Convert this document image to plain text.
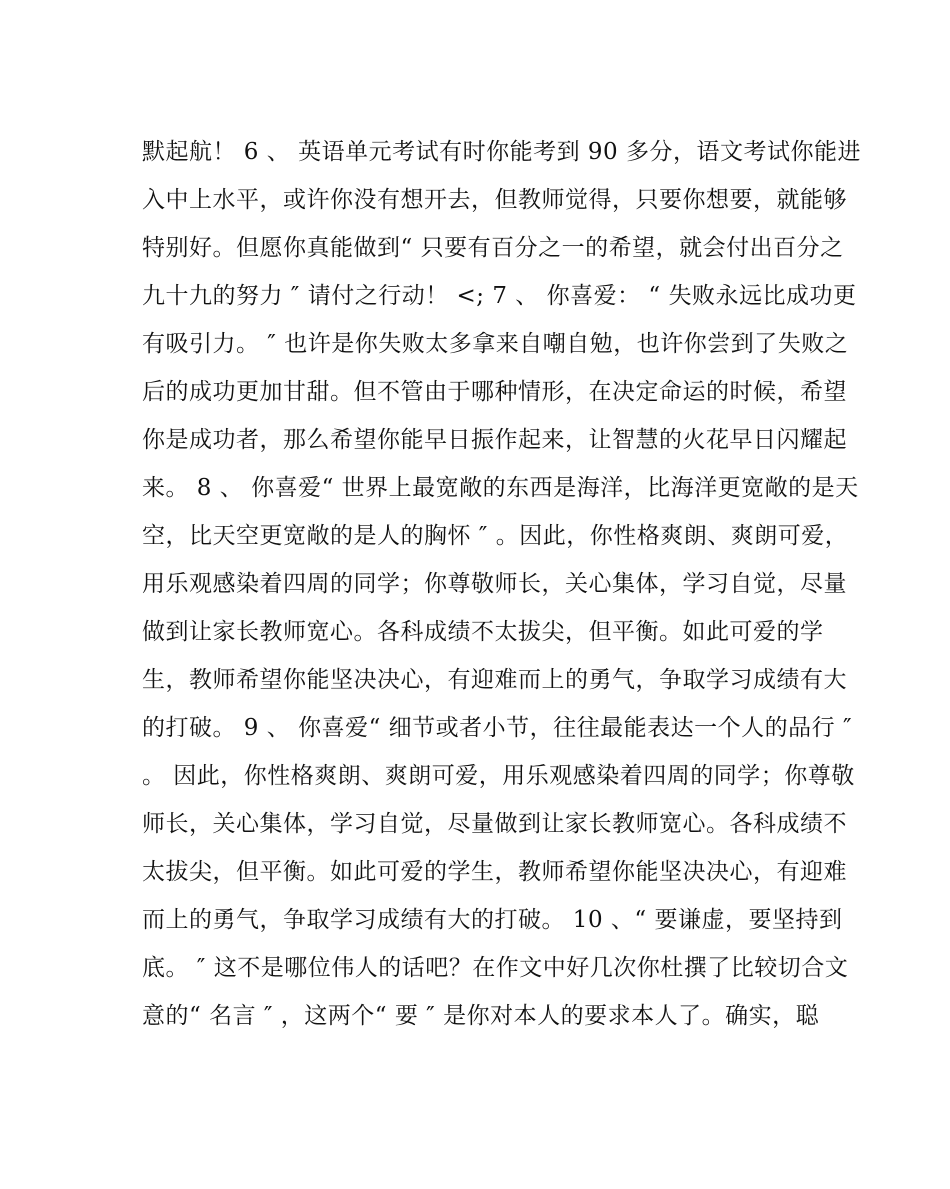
默起航！ 6 、 英语单元考试有时你能考到 90 多分，语文考试你能进
入中上水平，或许你没有想开去，但教师觉得，只要你想要，就能够
特别好。但愿你真能做到“ 只要有百分之一的希望，就会付出百分之
九十九的努力 ″ 请付之行动！ <; 7 、 你喜爱： “ 失败永远比成功更
有吸引力。 ″ 也许是你失败太多拿来自嘲自勉，也许你尝到了失败之
后的成功更加甘甜。但不管由于哪种情形，在决定命运的时候，希望
你是成功者，那么希望你能早日振作起来，让智慧的火花早日闪耀起
来。 8 、 你喜爱“ 世界上最宽敞的东西是海洋，比海洋更宽敞的是天
空，比天空更宽敞的是人的胸怀 ″ 。因此，你性格爽朗、爽朗可爱，
用乐观感染着四周的同学；你尊敬师长，关心集体，学习自觉，尽量
做到让家长教师宽心。各科成绩不太拔尖，但平衡。如此可爱的学
生，教师希望你能坚决决心，有迎难而上的勇气，争取学习成绩有大
的打破。 9 、 你喜爱“ 细节或者小节，往往最能表达一个人的品行 ″
。 因此，你性格爽朗、爽朗可爱，用乐观感染着四周的同学；你尊敬
师长，关心集体，学习自觉，尽量做到让家长教师宽心。各科成绩不
太拔尖，但平衡。如此可爱的学生，教师希望你能坚决决心，有迎难
而上的勇气，争取学习成绩有大的打破。 10 、“ 要谦虚，要坚持到
底。 ″ 这不是哪位伟人的话吧？在作文中好几次你杜撰了比较切合文
意的“ 名言 ″ ，这两个“ 要 ″ 是你对本人的要求本人了。确实，聪
